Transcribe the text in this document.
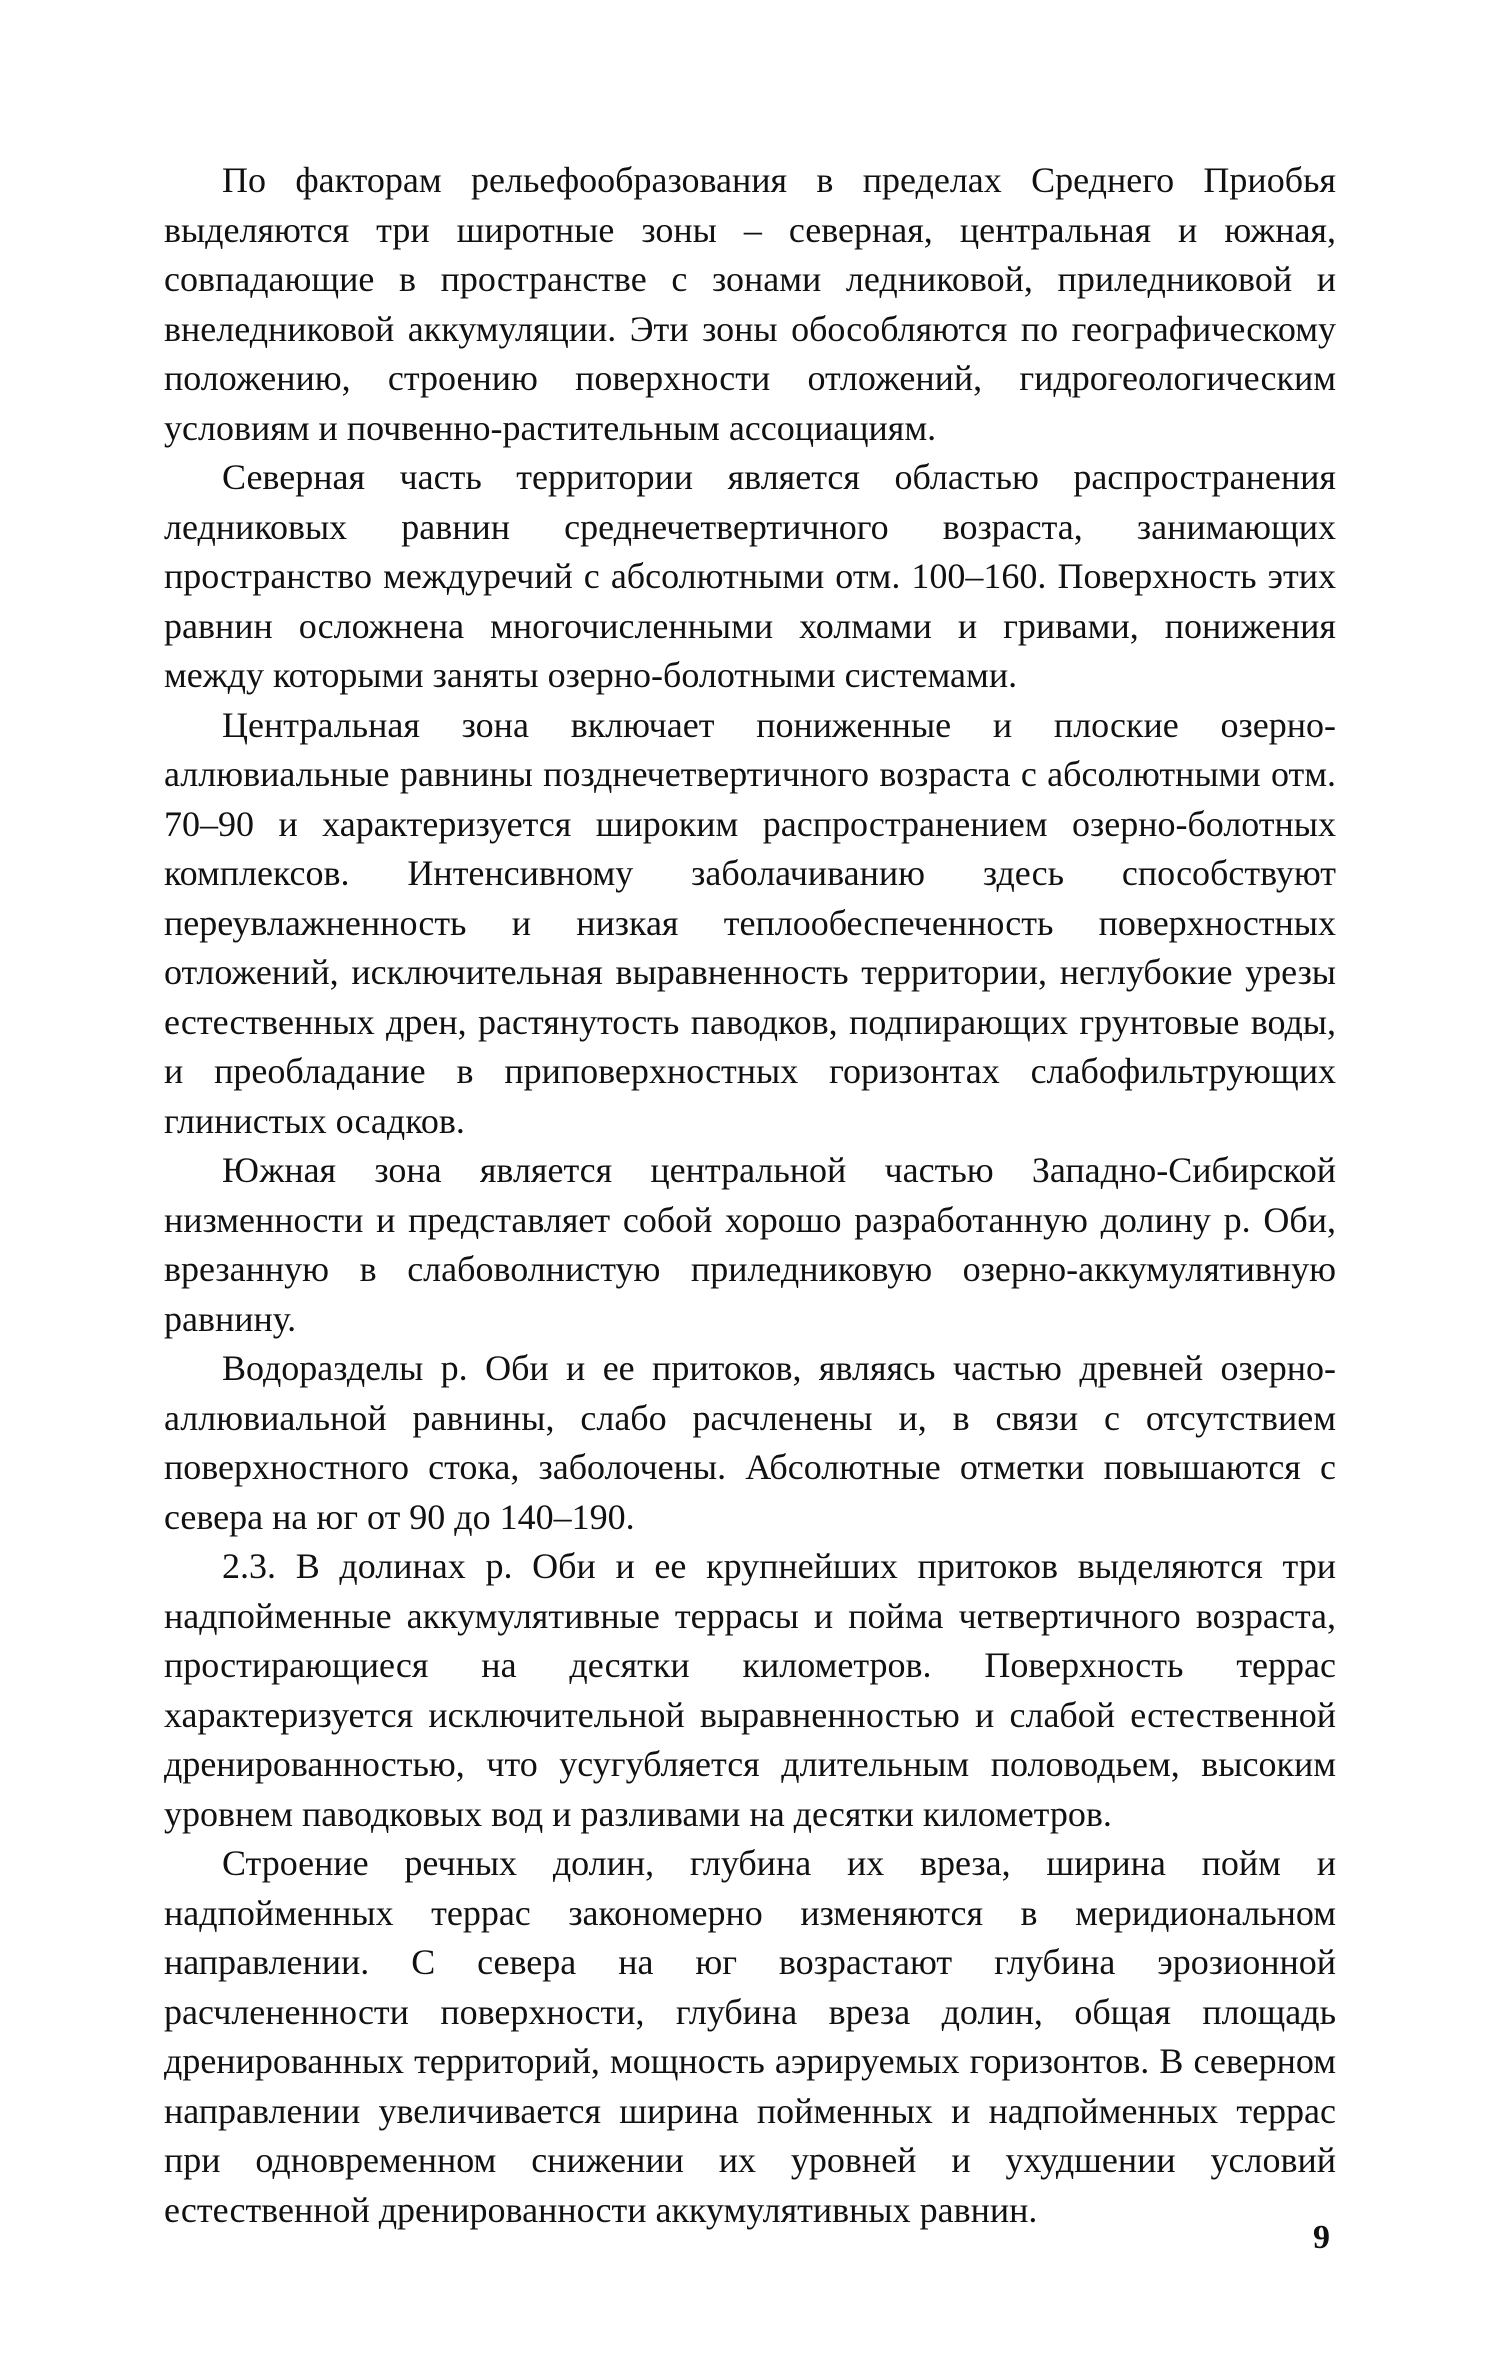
По факторам рельефообразования в пределах Среднего Приобья выделяются три широтные зоны – северная, центральная и южная, совпадающие в пространстве с зонами ледниковой, приледниковой и внеледниковой аккумуляции. Эти зоны обособляются по географическому положению, строению поверхности отложений, гидрогеологическим условиям и почвенно-растительным ассоциациям.

Северная часть территории является областью распространения ледниковых равнин среднечетвертичного возраста, занимающих пространство междуречий с абсолютными отм. 100–160. Поверхность этих равнин осложнена многочисленными холмами и гривами, понижения между которыми заняты озерно-болотными системами.

Центральная зона включает пониженные и плоские озерно-аллювиальные равнины позднечетвертичного возраста с абсолютными отм. 70–90 и характеризуется широким распространением озерно-болотных комплексов. Интенсивному заболачиванию здесь способствуют переувлажненность и низкая теплообеспеченность поверхностных отложений, исключительная выравненность территории, неглубокие урезы естественных дрен, растянутость паводков, подпирающих грунтовые воды, и преобладание в приповерхностных горизонтах слабофильтрующих глинистых осадков.

Южная зона является центральной частью Западно-Сибирской низменности и представляет собой хорошо разработанную долину р. Оби, врезанную в слабоволнистую приледниковую озерно-аккумулятивную равнину.

Водоразделы р. Оби и ее притоков, являясь частью древней озерно-аллювиальной равнины, слабо расчленены и, в связи с отсутствием поверхностного стока, заболочены. Абсолютные отметки повышаются с севера на юг от 90 до 140–190.

2.3. В долинах р. Оби и ее крупнейших притоков выделяются три надпойменные аккумулятивные террасы и пойма четвертичного возраста, простирающиеся на десятки километров. Поверхность террас характеризуется исключительной выравненностью и слабой естественной дренированностью, что усугубляется длительным половодьем, высоким уровнем паводковых вод и разливами на десятки километров.

Строение речных долин, глубина их вреза, ширина пойм и надпойменных террас закономерно изменяются в меридиональном направлении. С севера на юг возрастают глубина эрозионной расчлененности поверхности, глубина вреза долин, общая площадь дренированных территорий, мощность аэрируемых горизонтов. В северном направлении увеличивается ширина пойменных и надпойменных террас при одновременном снижении их уровней и ухудшении условий естественной дренированности аккумулятивных равнин.

9
